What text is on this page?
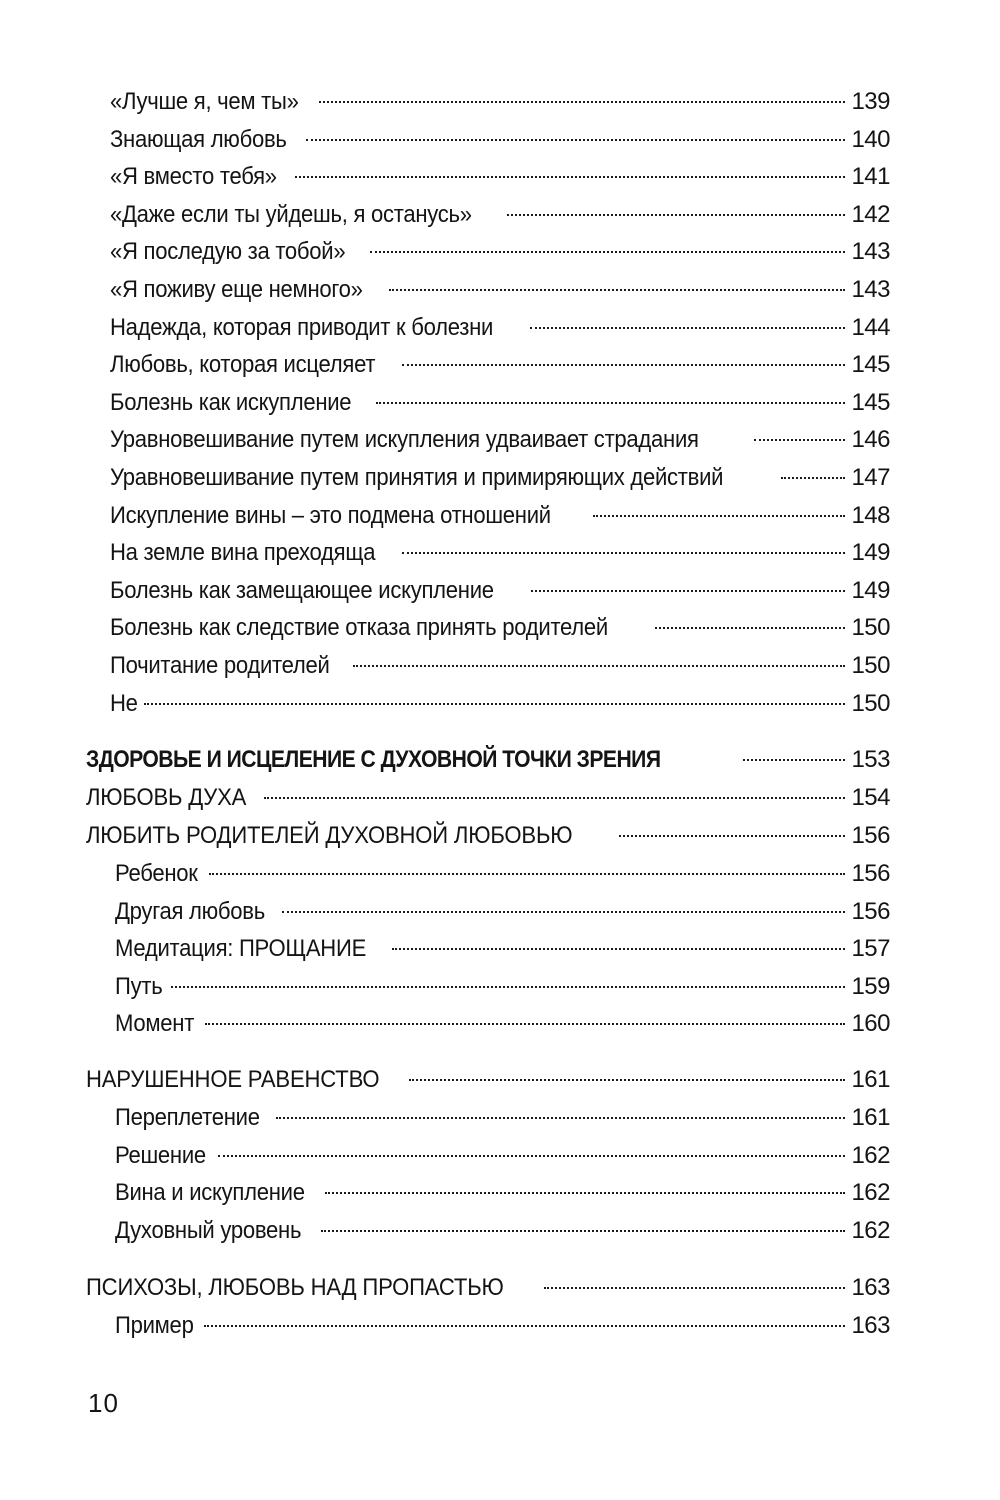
«Лучше я, чем ты»	139
Знающая любовь	140
«Я вместо тебя»	141
«Даже если ты уйдешь, я останусь»	142
«Я последую за тобой»	143
«Я поживу еще немного»	143
Надежда, которая приводит к болезни	144
Любовь, которая исцеляет	145
Болезнь как искупление	145
Уравновешивание путем искупления удваивает страдания	146
Уравновешивание путем принятия и примиряющих действий	147
Искупление вины – это подмена отношений	148
На земле вина преходяща	149
Болезнь как замещающее искупление	149
Болезнь как следствие отказа принять родителей	150
Почитание родителей	150
Не	150
ЗДОРОВЬЕ И ИСЦЕЛЕНИЕ С ДУХОВНОЙ ТОЧКИ ЗРЕНИЯ	153
ЛЮБОВЬ ДУХА	154
ЛЮБИТЬ РОДИТЕЛЕЙ ДУХОВНОЙ ЛЮБОВЬЮ	156
Ребенок	156
Другая любовь	156
Медитация: ПРОЩАНИЕ	157
Путь	159
Момент	160
НАРУШЕННОЕ РАВЕНСТВО	161
Переплетение	161
Решение	162
Вина и искупление	162
Духовный уровень	162
ПСИХОЗЫ, ЛЮБОВЬ НАД ПРОПАСТЬЮ	163
Пример	163
10
